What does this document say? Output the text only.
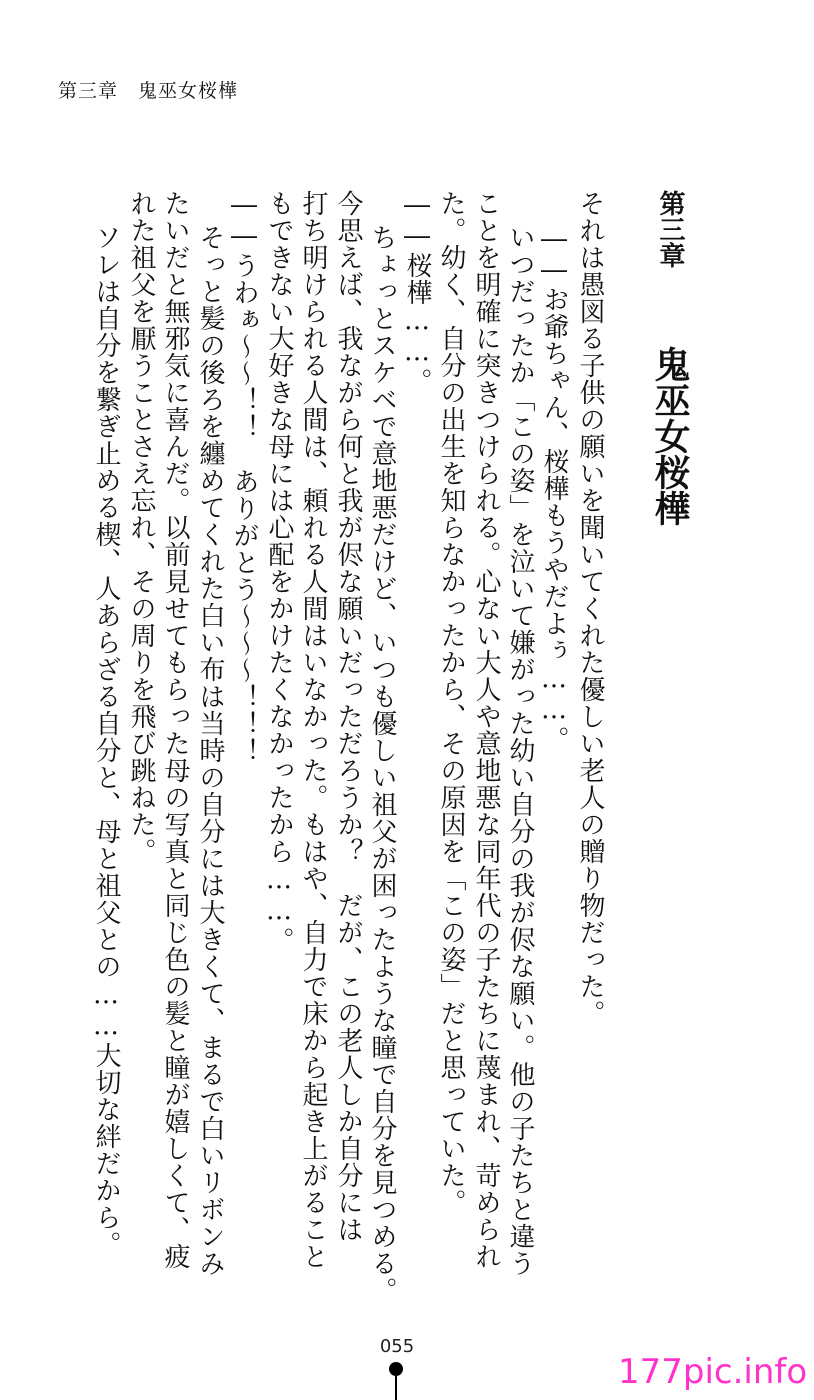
第三章　鬼巫女桜樺
第三章 鬼巫女桜樺
それは愚図る子供の願いを聞いてくれた優しい老人の贈り物だった。
――お爺ちゃん、桜樺もうやだよぅ……。
いつだったか「この姿」を泣いて嫌がった幼い自分の我が侭な願い。他の子たちと違う
ことを明確に突きつけられる。心ない大人や意地悪な同年代の子たちに蔑まれ、苛められ
た。幼く、自分の出生を知らなかったから、その原因を「この姿」だと思っていた。
――桜樺……。
ちょっとスケベで意地悪だけど、いつも優しい祖父が困ったような瞳で自分を見つめる。
今思えば、我ながら何と我が侭な願いだっただろうか？　だが、この老人しか自分には
打ち明けられる人間は、頼れる人間はいなかった。もはや、自力で床から起き上がること
もできない大好きな母には心配をかけたくなかったから……。
――うわぁ～～！！　ありがとう～～～！！！
そっと髪の後ろを纏めてくれた白い布は当時の自分には大きくて、まるで白いリボンみ
たいだと無邪気に喜んだ。以前見せてもらった母の写真と同じ色の髪と瞳が嬉しくて、疲
れた祖父を厭うことさえ忘れ、その周りを飛び跳ねた。
ソレは自分を繋ぎ止める楔、人あらざる自分と、母と祖父との……大切な絆だから。
055
177pic.info
